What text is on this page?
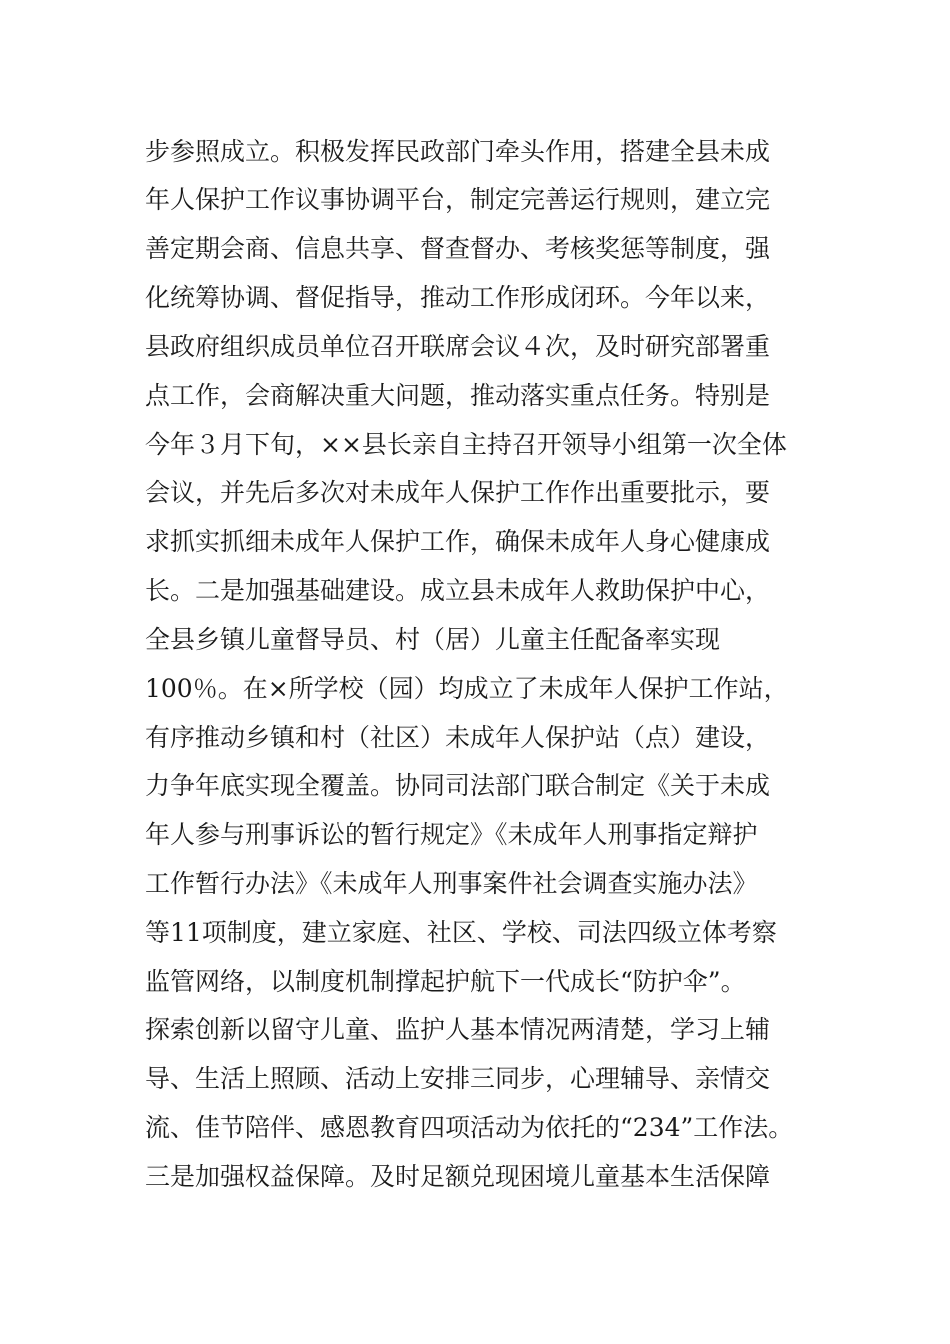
步参照成立。积极发挥民政部门牵头作用，搭建全县未成
年人保护工作议事协调平台，制定完善运行规则，建立完
善定期会商、信息共享、督查督办、考核奖惩等制度，强
化统筹协调、督促指导，推动工作形成闭环。今年以来，
县政府组织成员单位召开联席会议４次，及时研究部署重
点工作，会商解决重大问题，推动落实重点任务。特别是
今年３月下旬，××县长亲自主持召开领导小组第一次全体
会议，并先后多次对未成年人保护工作作出重要批示，要
求抓实抓细未成年人保护工作，确保未成年人身心健康成
长。二是加强基础建设。成立县未成年人救助保护中心，
全县乡镇儿童督导员、村（居）儿童主任配备率实现
100％。在×所学校（园）均成立了未成年人保护工作站，
有序推动乡镇和村（社区）未成年人保护站（点）建设，
力争年底实现全覆盖。协同司法部门联合制定《关于未成
年人参与刑事诉讼的暂行规定》《未成年人刑事指定辩护
工作暂行办法》《未成年人刑事案件社会调查实施办法》
等11项制度，建立家庭、社区、学校、司法四级立体考察
监管网络，以制度机制撑起护航下一代成长“防护伞”。
探索创新以留守儿童、监护人基本情况两清楚，学习上辅
导、生活上照顾、活动上安排三同步，心理辅导、亲情交
流、佳节陪伴、感恩教育四项活动为依托的“234”工作法。
三是加强权益保障。及时足额兑现困境儿童基本生活保障
